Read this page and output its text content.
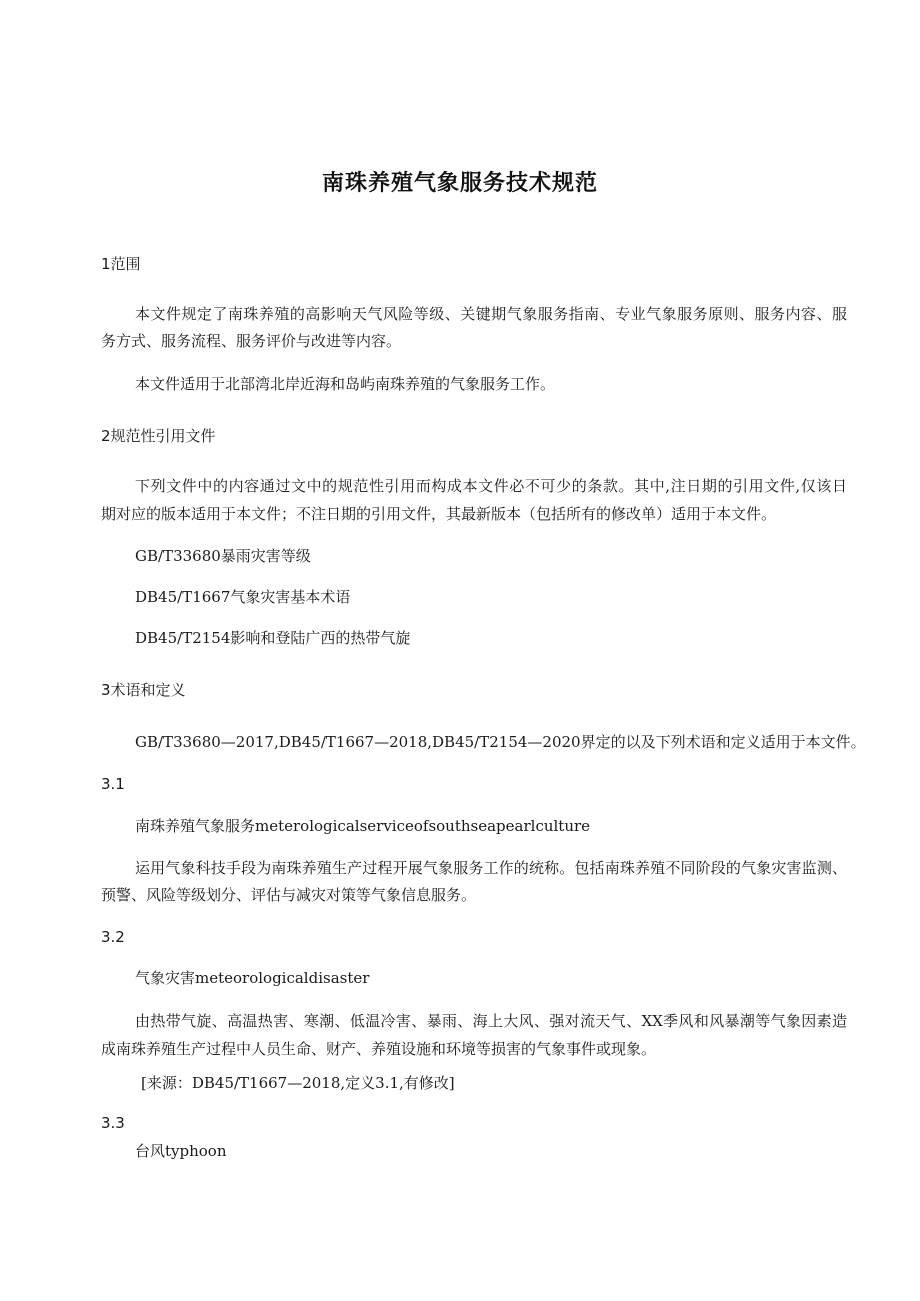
南珠养殖气象服务技术规范
1范围
本文件规定了南珠养殖的高影响天气风险等级、关键期气象服务指南、专业气象服务原则、服务内容、服
务方式、服务流程、服务评价与改进等内容。
本文件适用于北部湾北岸近海和岛屿南珠养殖的气象服务工作。
2规范性引用文件
下列文件中的内容通过文中的规范性引用而构成本文件必不可少的条款。其中,注日期的引用文件,仅该日
期对应的版本适用于本文件；不注日期的引用文件，其最新版本（包括所有的修改单）适用于本文件。
GB/T33680暴雨灾害等级
DB45/T1667气象灾害基本术语
DB45/T2154影响和登陆广西的热带气旋
3术语和定义
GB/T33680—2017,DB45/T1667—2018,DB45/T2154—2020界定的以及下列术语和定义适用于本文件。
3.1
南珠养殖气象服务meterologicalserviceofsouthseapearlculture
运用气象科技手段为南珠养殖生产过程开展气象服务工作的统称。包括南珠养殖不同阶段的气象灾害监测、
预警、风险等级划分、评估与减灾对策等气象信息服务。
3.2
气象灾害meteorologicaldisaster
由热带气旋、高温热害、寒潮、低温冷害、暴雨、海上大风、强对流天气、XX季风和风暴潮等气象因素造
成南珠养殖生产过程中人员生命、财产、养殖设施和环境等损害的气象事件或现象。
[来源：DB45/T1667—2018,定义3.1,有修改]
3.3
台风typhoon
